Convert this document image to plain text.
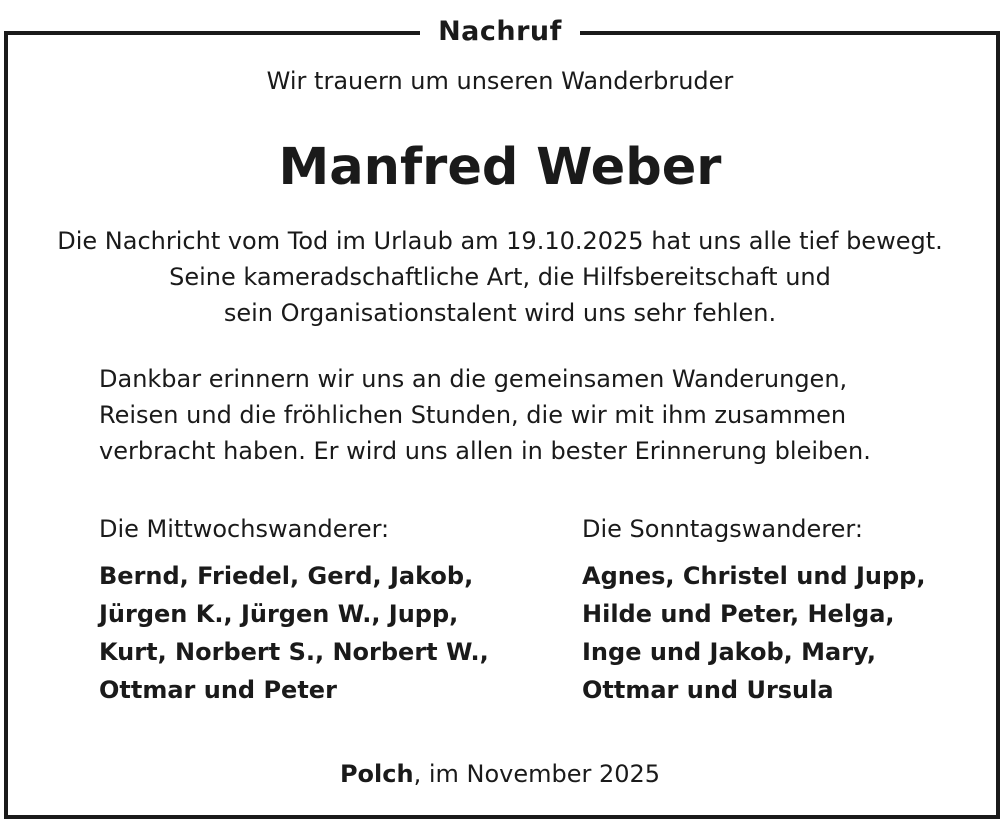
Nachruf

Wir trauern um unseren Wanderbruder

Manfred Weber

Die Nachricht vom Tod im Urlaub am 19.10.2025 hat uns alle tief bewegt.
Seine kameradschaftliche Art, die Hilfsbereitschaft und
sein Organisationstalent wird uns sehr fehlen.

Dankbar erinnern wir uns an die gemeinsamen Wanderungen,
Reisen und die fröhlichen Stunden, die wir mit ihm zusammen
verbracht haben. Er wird uns allen in bester Erinnerung bleiben.

Die Mittwochswanderer:

Bernd, Friedel, Gerd, Jakob,
Jürgen K., Jürgen W., Jupp,
Kurt, Norbert S., Norbert W.,
Ottmar und Peter

Die Sonntagswanderer:

Agnes, Christel und Jupp,
Hilde und Peter, Helga,
Inge und Jakob, Mary,
Ottmar und Ursula

Polch, im November 2025
